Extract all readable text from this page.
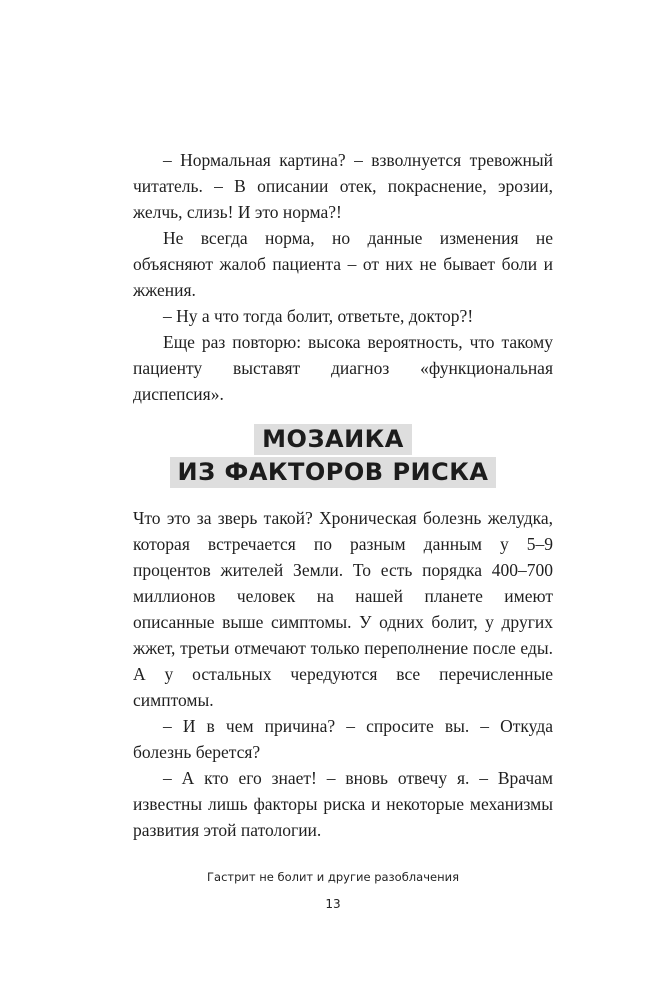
– Нормальная картина? – взволнуется тревожный читатель. – В описании отек, покраснение, эрозии, желчь, слизь! И это норма?!

Не всегда норма, но данные изменения не объясняют жалоб пациента – от них не бывает боли и жжения.

– Ну а что тогда болит, ответьте, доктор?!

Еще раз повторю: высока вероятность, что такому пациенту выставят диагноз «функциональная диспепсия».

МОЗАИКА
ИЗ ФАКТОРОВ РИСКА

Что это за зверь такой? Хроническая болезнь желудка, которая встречается по разным данным у 5–9 процентов жителей Земли. То есть порядка 400–700 миллионов человек на нашей планете имеют описанные выше симптомы. У одних болит, у других жжет, третьи отмечают только переполнение после еды. А у остальных чередуются все перечисленные симптомы.

– И в чем причина? – спросите вы. – Откуда болезнь берется?

– А кто его знает! – вновь отвечу я. – Врачам известны лишь факторы риска и некоторые механизмы развития этой патологии.

Гастрит не болит и другие разоблачения
13
